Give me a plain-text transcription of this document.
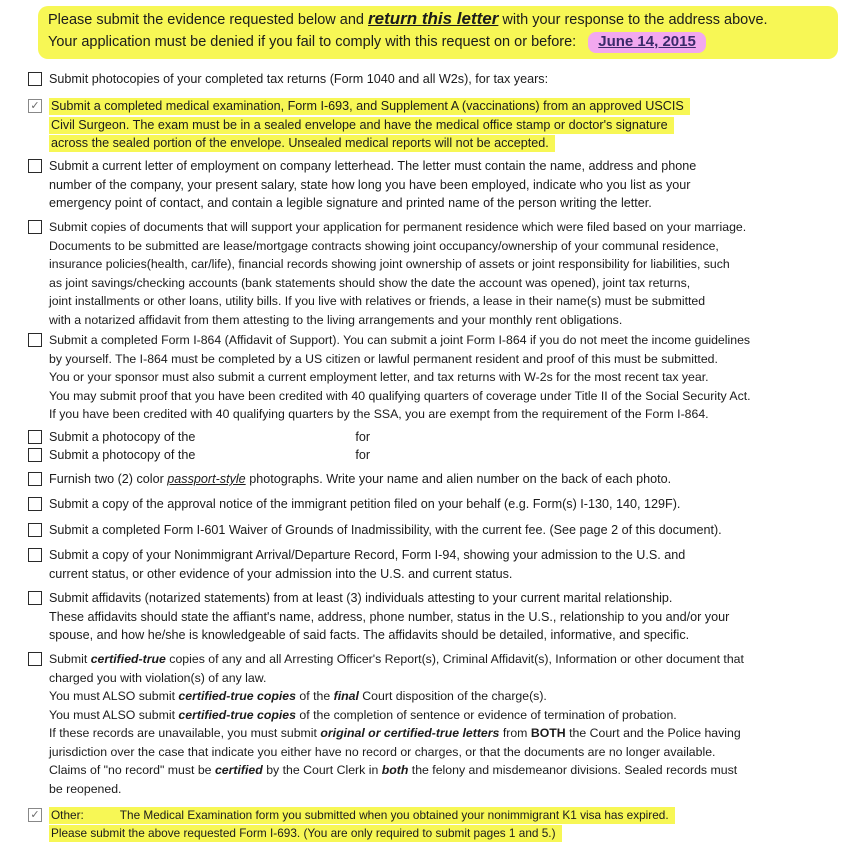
Please submit the evidence requested below and return this letter with your response to the address above.
Your application must be denied if you fail to comply with this request on or before: June 14, 2015
Submit photocopies of your completed tax returns (Form 1040 and all W2s), for tax years:
✓ Submit a completed medical examination, Form I-693, and Supplement A (vaccinations) from an approved USCIS
Civil Surgeon. The exam must be in a sealed envelope and have the medical office stamp or doctor's signature
across the sealed portion of the envelope. Unsealed medical reports will not be accepted.
Submit a current letter of employment on company letterhead. The letter must contain the name, address and phone
number of the company, your present salary, state how long you have been employed, indicate who you list as your
emergency point of contact, and contain a legible signature and printed name of the person writing the letter.
Submit copies of documents that will support your application for permanent residence which were filed based on your marriage.
Documents to be submitted are lease/mortgage contracts showing joint occupancy/ownership of your communal residence,
insurance policies(health, car/life), financial records showing joint ownership of assets or joint responsibility for liabilities, such
as joint savings/checking accounts (bank statements should show the date the account was opened), joint tax returns,
joint installments or other loans, utility bills. If you live with relatives or friends, a lease in their name(s) must be submitted
with a notarized affidavit from them attesting to the living arrangements and your monthly rent obligations.
Submit a completed Form I-864 (Affidavit of Support). You can submit a joint Form I-864 if you do not meet the income guidelines
by yourself. The I-864 must be completed by a US citizen or lawful permanent resident and proof of this must be submitted.
You or your sponsor must also submit a current employment letter, and tax returns with W-2s for the most recent tax year.
You may submit proof that you have been credited with 40 qualifying quarters of coverage under Title II of the Social Security Act.
If you have been credited with 40 qualifying quarters by the SSA, you are exempt from the requirement of the Form I-864.
Submit a photocopy of the	for
Submit a photocopy of the	for
Furnish two (2) color passport-style photographs. Write your name and alien number on the back of each photo.
Submit a copy of the approval notice of the immigrant petition filed on your behalf (e.g. Form(s) I-130, 140, 129F).
Submit a completed Form I-601 Waiver of Grounds of Inadmissibility, with the current fee. (See page 2 of this document).
Submit a copy of your Nonimmigrant Arrival/Departure Record, Form I-94, showing your admission to the U.S. and
current status, or other evidence of your admission into the U.S. and current status.
Submit affidavits (notarized statements) from at least (3) individuals attesting to your current marital relationship.
These affidavits should state the affiant's name, address, phone number, status in the U.S., relationship to you and/or your
spouse, and how he/she is knowledgeable of said facts. The affidavits should be detailed, informative, and specific.
Submit certified-true copies of any and all Arresting Officer's Report(s), Criminal Affidavit(s), Information or other document that
charged you with violation(s) of any law.
You must ALSO submit certified-true copies of the final Court disposition of the charge(s).
You must ALSO submit certified-true copies of the completion of sentence or evidence of termination of probation.
If these records are unavailable, you must submit original or certified-true letters from BOTH the Court and the Police having
jurisdiction over the case that indicate you either have no record or charges, or that the documents are no longer available.
Claims of "no record" must be certified by the Court Clerk in both the felony and misdemeanor divisions. Sealed records must
be reopened.
✓ Other:	The Medical Examination form you submitted when you obtained your nonimmigrant K1 visa has expired.
Please submit the above requested Form I-693. (You are only required to submit pages 1 and 5.)
